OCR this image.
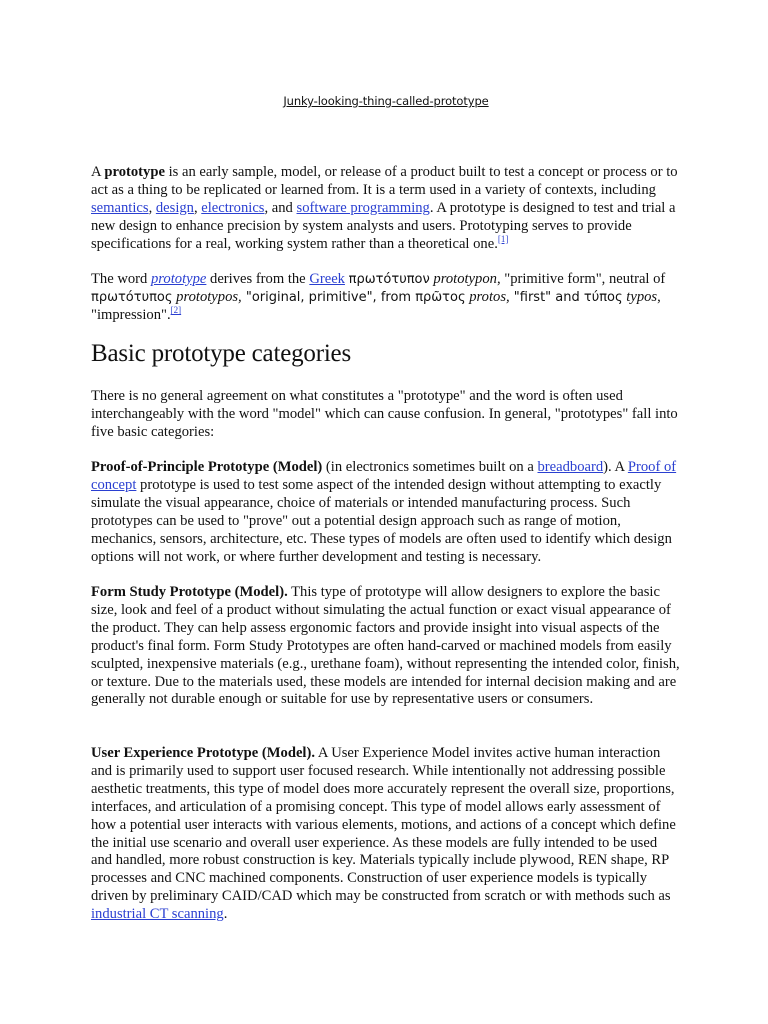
Junky-looking-thing-called-prototype

A prototype is an early sample, model, or release of a product built to test a concept or process or to act as a thing to be replicated or learned from. It is a term used in a variety of contexts, including semantics, design, electronics, and software programming. A prototype is designed to test and trial a new design to enhance precision by system analysts and users. Prototyping serves to provide specifications for a real, working system rather than a theoretical one.[1]

The word prototype derives from the Greek πρωτότυπον prototypon, "primitive form", neutral of πρωτότυπος prototypos, "original, primitive", from πρῶτος protos, "first" and τύπος typos, "impression".[2]

Basic prototype categories

There is no general agreement on what constitutes a "prototype" and the word is often used interchangeably with the word "model" which can cause confusion. In general, "prototypes" fall into five basic categories:

Proof-of-Principle Prototype (Model) (in electronics sometimes built on a breadboard). A Proof of concept prototype is used to test some aspect of the intended design without attempting to exactly simulate the visual appearance, choice of materials or intended manufacturing process. Such prototypes can be used to "prove" out a potential design approach such as range of motion, mechanics, sensors, architecture, etc. These types of models are often used to identify which design options will not work, or where further development and testing is necessary.

Form Study Prototype (Model). This type of prototype will allow designers to explore the basic size, look and feel of a product without simulating the actual function or exact visual appearance of the product. They can help assess ergonomic factors and provide insight into visual aspects of the product's final form. Form Study Prototypes are often hand-carved or machined models from easily sculpted, inexpensive materials (e.g., urethane foam), without representing the intended color, finish, or texture. Due to the materials used, these models are intended for internal decision making and are generally not durable enough or suitable for use by representative users or consumers.

User Experience Prototype (Model). A User Experience Model invites active human interaction and is primarily used to support user focused research. While intentionally not addressing possible aesthetic treatments, this type of model does more accurately represent the overall size, proportions, interfaces, and articulation of a promising concept. This type of model allows early assessment of how a potential user interacts with various elements, motions, and actions of a concept which define the initial use scenario and overall user experience. As these models are fully intended to be used and handled, more robust construction is key. Materials typically include plywood, REN shape, RP processes and CNC machined components. Construction of user experience models is typically driven by preliminary CAID/CAD which may be constructed from scratch or with methods such as industrial CT scanning.
